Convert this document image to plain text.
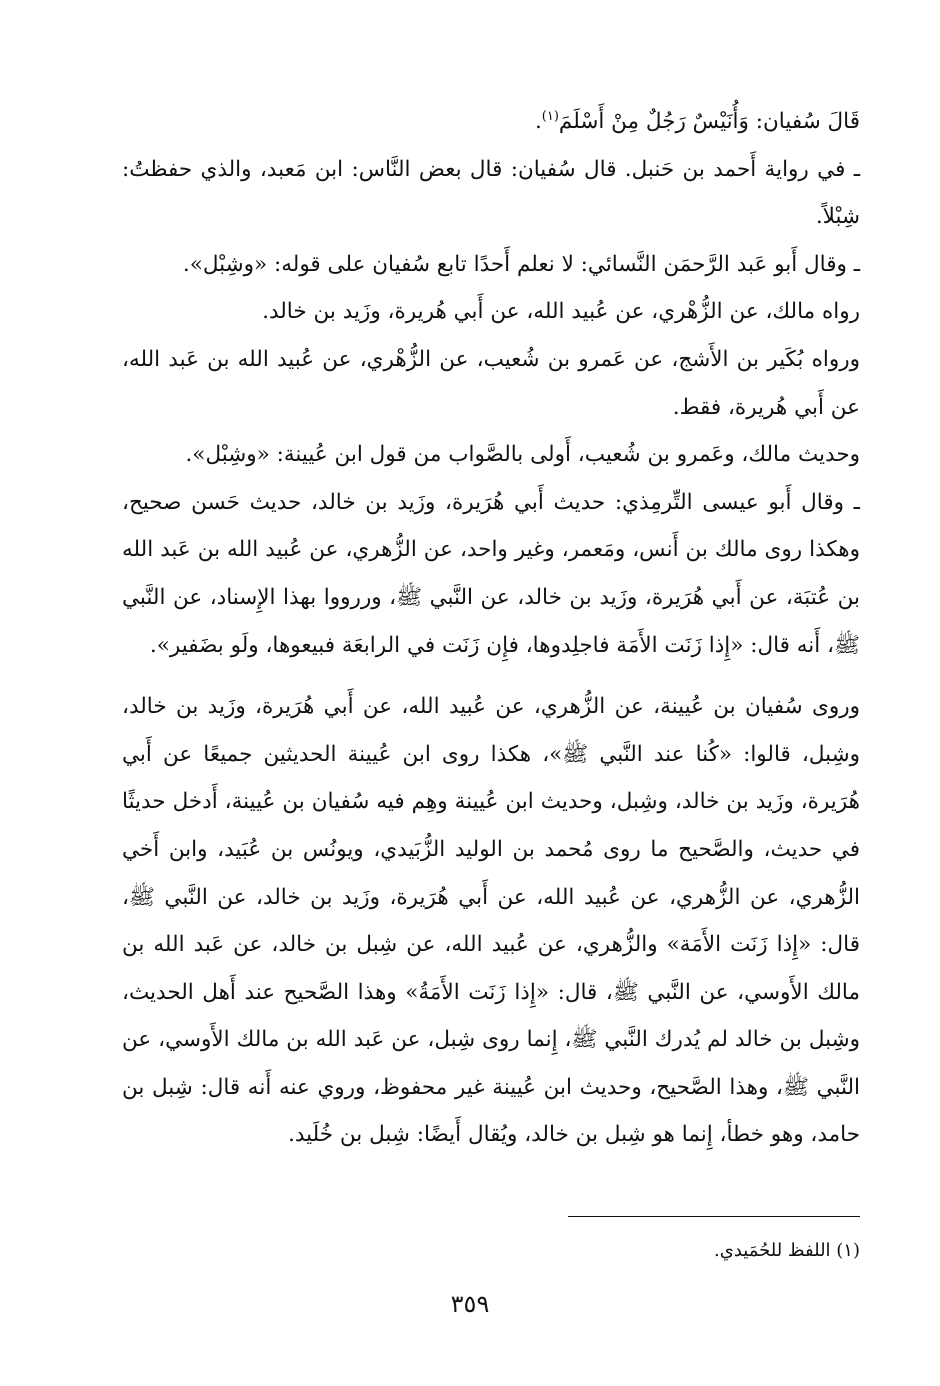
قَالَ سُفيان: وَأُنَيْسٌ رَجُلٌ مِنْ أَسْلَمَ$^{(١)}$.

ـ في رواية أَحمد بن حَنبل. قال سُفيان: قال بعض النَّاس: ابن مَعبد، والذي حفظتُ: شِبْلاً.

ـ وقال أَبو عَبد الرَّحمَن النَّسائي: لا نعلم أَحدًا تابع سُفيان على قوله: «وشِبْل».

رواه مالك، عن الزُّهْري، عن عُبيد الله، عن أَبي هُريرة، وزَيد بن خالد.

ورواه بُكَير بن الأَشج، عن عَمرو بن شُعيب، عن الزُّهْري، عن عُبيد الله بن عَبد الله، عن أَبي هُريرة، فقط.

وحديث مالك، وعَمرو بن شُعيب، أَولى بالصَّواب من قول ابن عُيينة: «وشِبْل».

ـ وقال أَبو عيسى التِّرمِذي: حديث أَبي هُرَيرة، وزَيد بن خالد، حديث حَسن صحيح، وهكذا روى مالك بن أَنس، ومَعمر، وغير واحد، عن الزُّهري، عن عُبيد الله بن عَبد الله بن عُتبَة، عن أَبي هُرَيرة، وزَيد بن خالد، عن النَّبي ﷺ، وررووا بهذا الإِسناد، عن النَّبي ﷺ، أَنه قال: «إِذا زَنَت الأَمَة فاجلِدوها، فإِن زَنَت في الرابعَة فبيعوها، ولَو بضَفير».

وروى سُفيان بن عُيينة، عن الزُّهري، عن عُبيد الله، عن أَبي هُرَيرة، وزَيد بن خالد، وشِبل، قالوا: «كُنا عند النَّبي ﷺ»، هكذا روى ابن عُيينة الحديثين جميعًا عن أَبي هُرَيرة، وزَيد بن خالد، وشِبل، وحديث ابن عُيينة وهِم فيه سُفيان بن عُيينة، أَدخل حديثًا في حديث، والصَّحيح ما روى مُحمد بن الوليد الزُّبَيدي، ويونُس بن عُبَيد، وابن أَخي الزُّهري، عن الزُّهري، عن عُبيد الله، عن أَبي هُرَيرة، وزَيد بن خالد، عن النَّبي ﷺ، قال: «إِذا زَنَت الأَمَة» والزُّهري، عن عُبيد الله، عن شِبل بن خالد، عن عَبد الله بن مالك الأَوسي، عن النَّبي ﷺ، قال: «إِذا زَنَت الأَمَةُ» وهذا الصَّحيح عند أَهل الحديث، وشِبل بن خالد لم يُدرك النَّبي ﷺ، إِنما روى شِبل، عن عَبد الله بن مالك الأَوسي، عن النَّبي ﷺ، وهذا الصَّحيح، وحديث ابن عُيينة غير محفوظ، وروي عنه أَنه قال: شِبل بن حامد، وهو خطأ، إِنما هو شِبل بن خالد، ويُقال أَيضًا: شِبل بن خُلَيد.

(١) اللفظ للحُمَيدي.

٣٥٩
